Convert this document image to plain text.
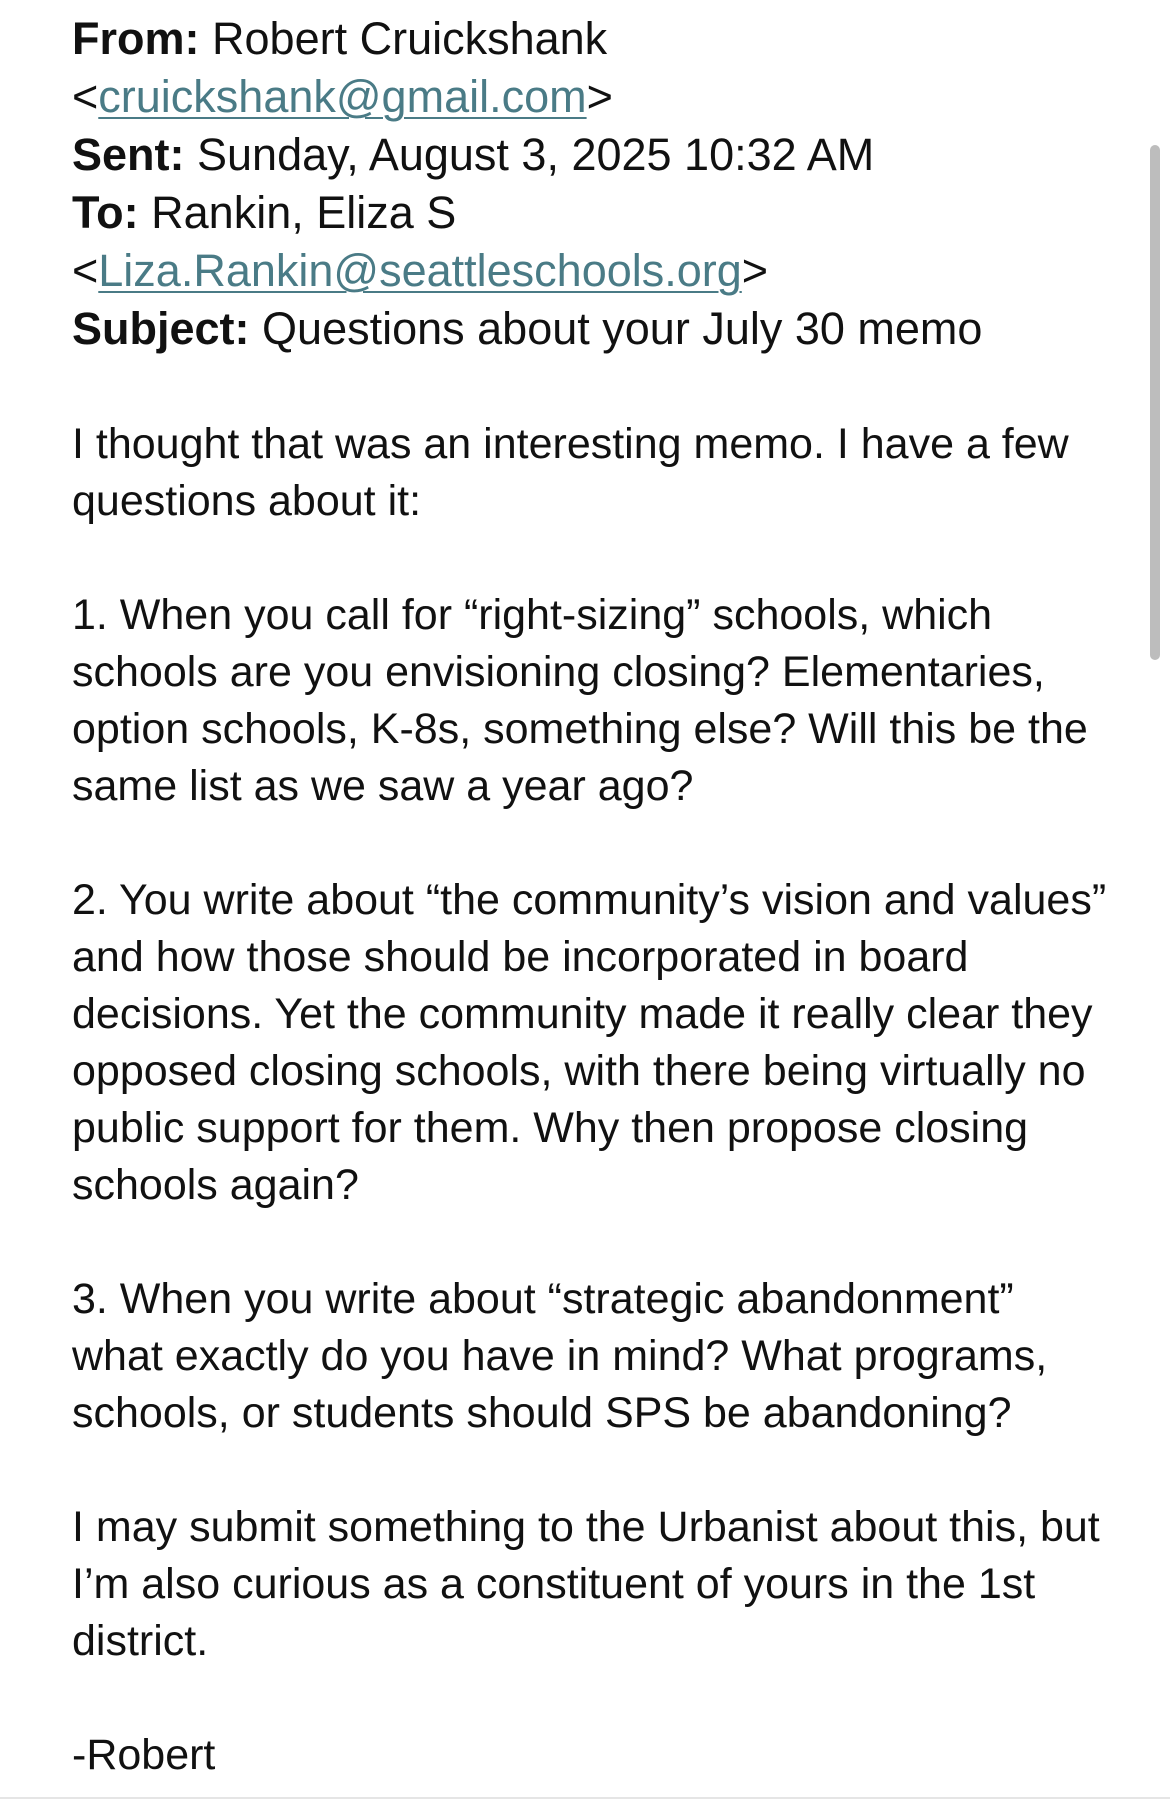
From: Robert Cruickshank
<cruickshank@gmail.com>
Sent: Sunday, August 3, 2025 10:32 AM
To: Rankin, Eliza S
<Liza.Rankin@seattleschools.org>
Subject: Questions about your July 30 memo

I thought that was an interesting memo. I have a few questions about it:

1. When you call for “right-sizing” schools, which schools are you envisioning closing? Elementaries, option schools, K-8s, something else? Will this be the same list as we saw a year ago?

2. You write about “the community’s vision and values” and how those should be incorporated in board decisions. Yet the community made it really clear they opposed closing schools, with there being virtually no public support for them. Why then propose closing schools again?

3. When you write about “strategic abandonment” what exactly do you have in mind? What programs, schools, or students should SPS be abandoning?

I may submit something to the Urbanist about this, but I’m also curious as a constituent of yours in the 1st district.

-Robert
